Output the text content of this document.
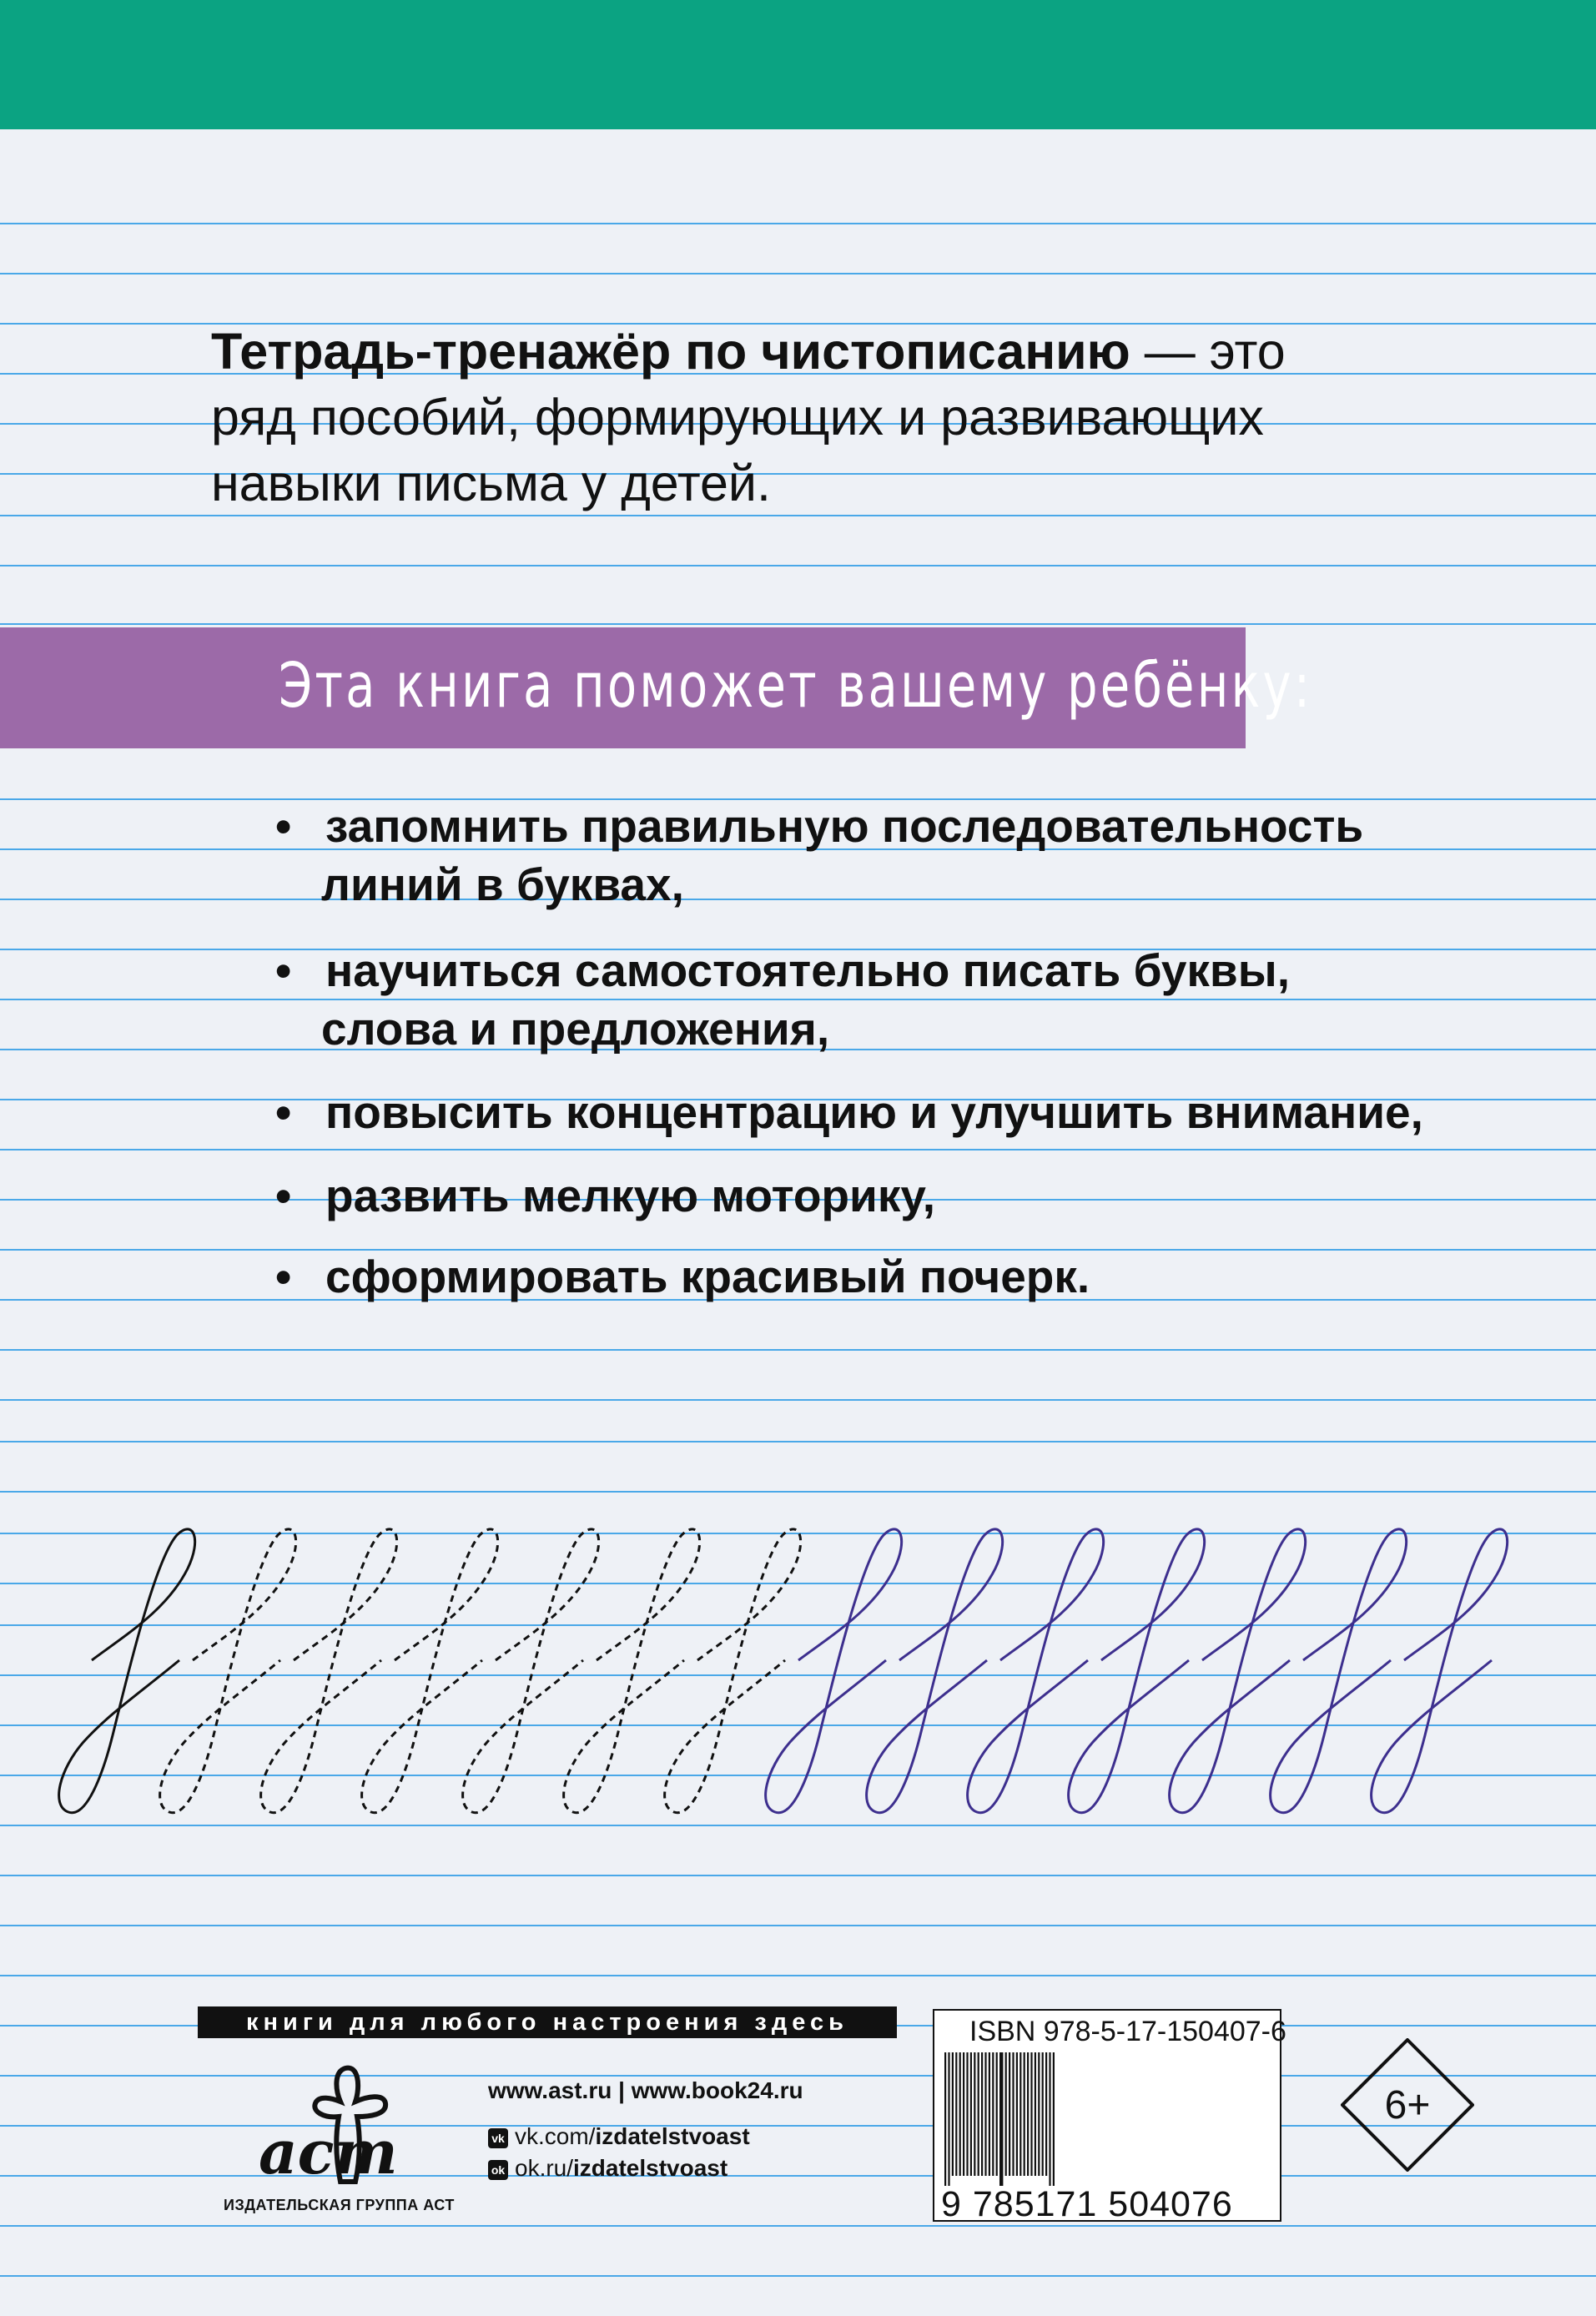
Тетрадь-тренажёр по чистописанию — это
ряд пособий, формирующих и развивающих
навыки письма у детей.
Эта книга поможет вашему ребёнку:
• запомнить правильную последовательность
линий в буквах,
• научиться самостоятельно писать буквы,
слова и предложения,
• повысить концентрацию и улучшить внимание,
• развить мелкую моторику,
• сформировать красивый почерк.
книги для любого настроения здесь
аст
ИЗДАТЕЛЬСКАЯ ГРУППА АСТ
www.ast.ru | www.book24.ru
vk vk.com/izdatelstvoast
ok ok.ru/izdatelstvoast
ISBN 978-5-17-150407-6
9 785171 504076
6+
